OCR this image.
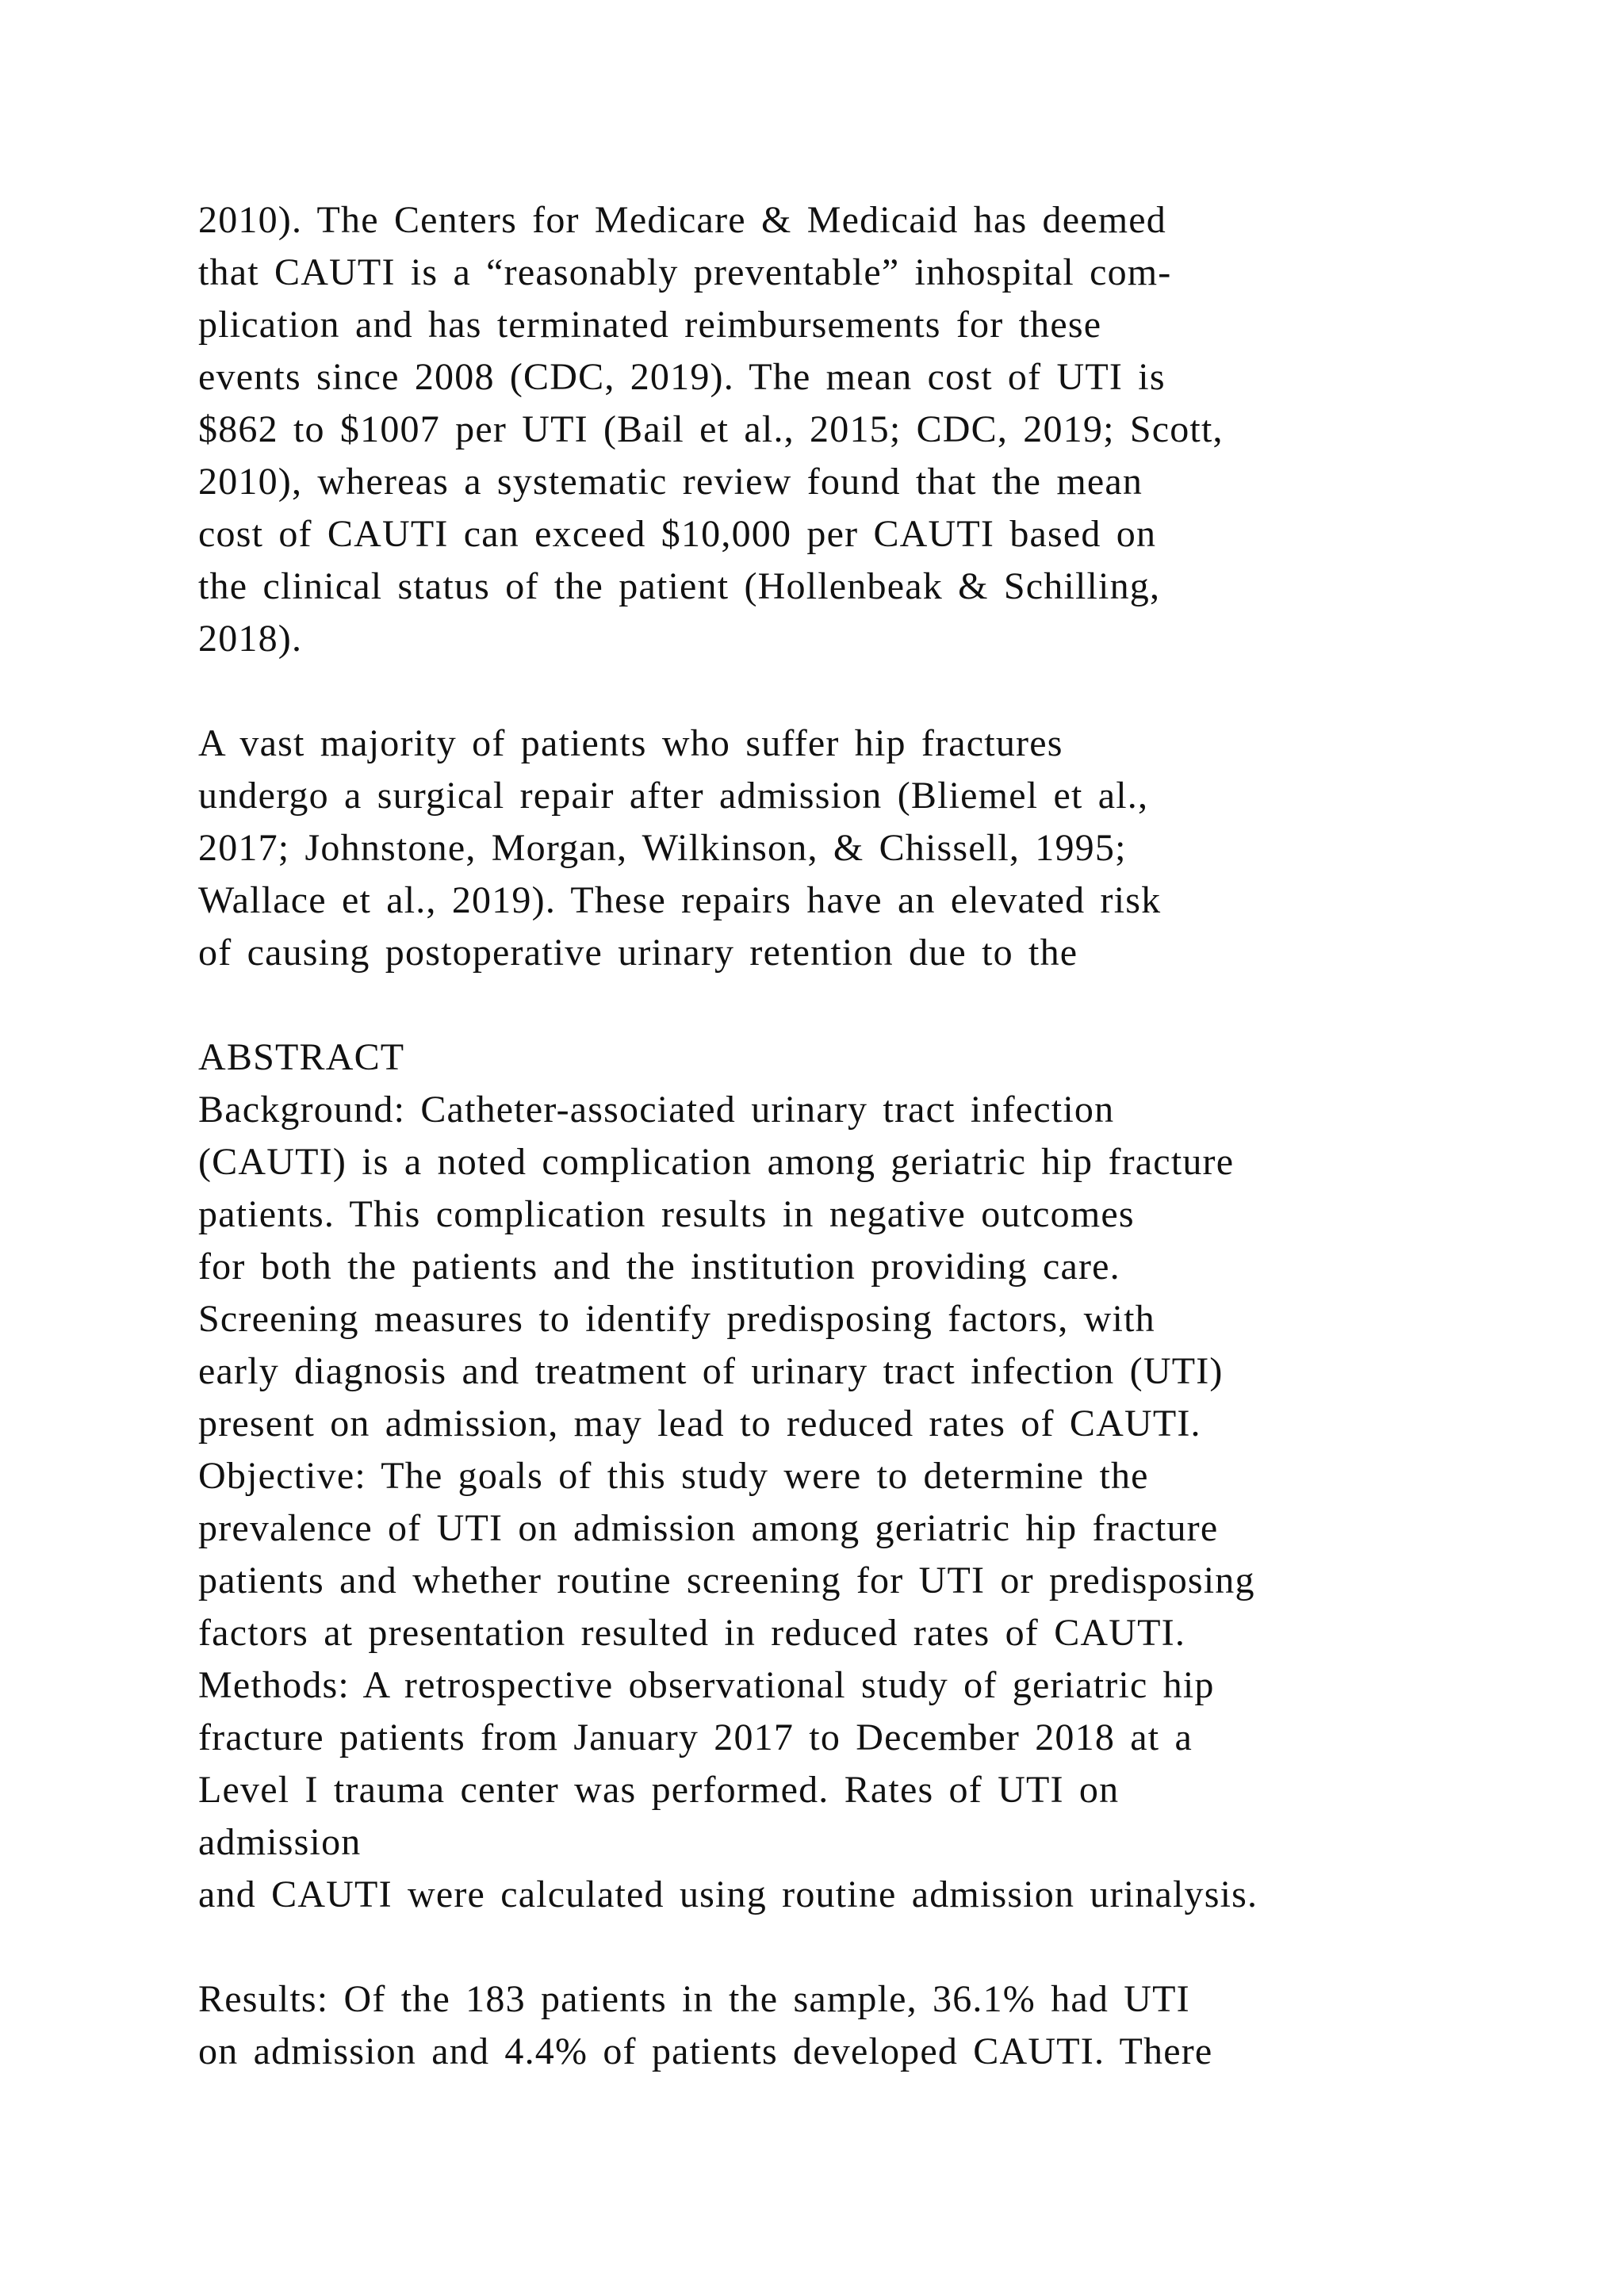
2010). The Centers for Medicare & Medicaid has deemed
that CAUTI is a “reasonably preventable” inhospital com-
plication and has terminated reimbursements for these
events since 2008 (CDC, 2019). The mean cost of UTI is
$862 to $1007 per UTI (Bail et al., 2015; CDC, 2019; Scott,
2010), whereas a systematic review found that the mean
cost of CAUTI can exceed $10,000 per CAUTI based on
the clinical status of the patient (Hollenbeak & Schilling,
2018).
A vast majority of patients who suffer hip fractures
undergo a surgical repair after admission (Bliemel et al.,
2017; Johnstone, Morgan, Wilkinson, & Chissell, 1995;
Wallace et al., 2019). These repairs have an elevated risk
of causing postoperative urinary retention due to the
ABSTRACT
Background: Catheter-associated urinary tract infection
(CAUTI) is a noted complication among geriatric hip fracture
patients. This complication results in negative outcomes
for both the patients and the institution providing care.
Screening measures to identify predisposing factors, with
early diagnosis and treatment of urinary tract infection (UTI)
present on admission, may lead to reduced rates of CAUTI.
Objective: The goals of this study were to determine the
prevalence of UTI on admission among geriatric hip fracture
patients and whether routine screening for UTI or predisposing
factors at presentation resulted in reduced rates of CAUTI.
Methods: A retrospective observational study of geriatric hip
fracture patients from January 2017 to December 2018 at a
Level I trauma center was performed. Rates of UTI on
admission
and CAUTI were calculated using routine admission urinalysis.
Results: Of the 183 patients in the sample, 36.1% had UTI
on admission and 4.4% of patients developed CAUTI. There
